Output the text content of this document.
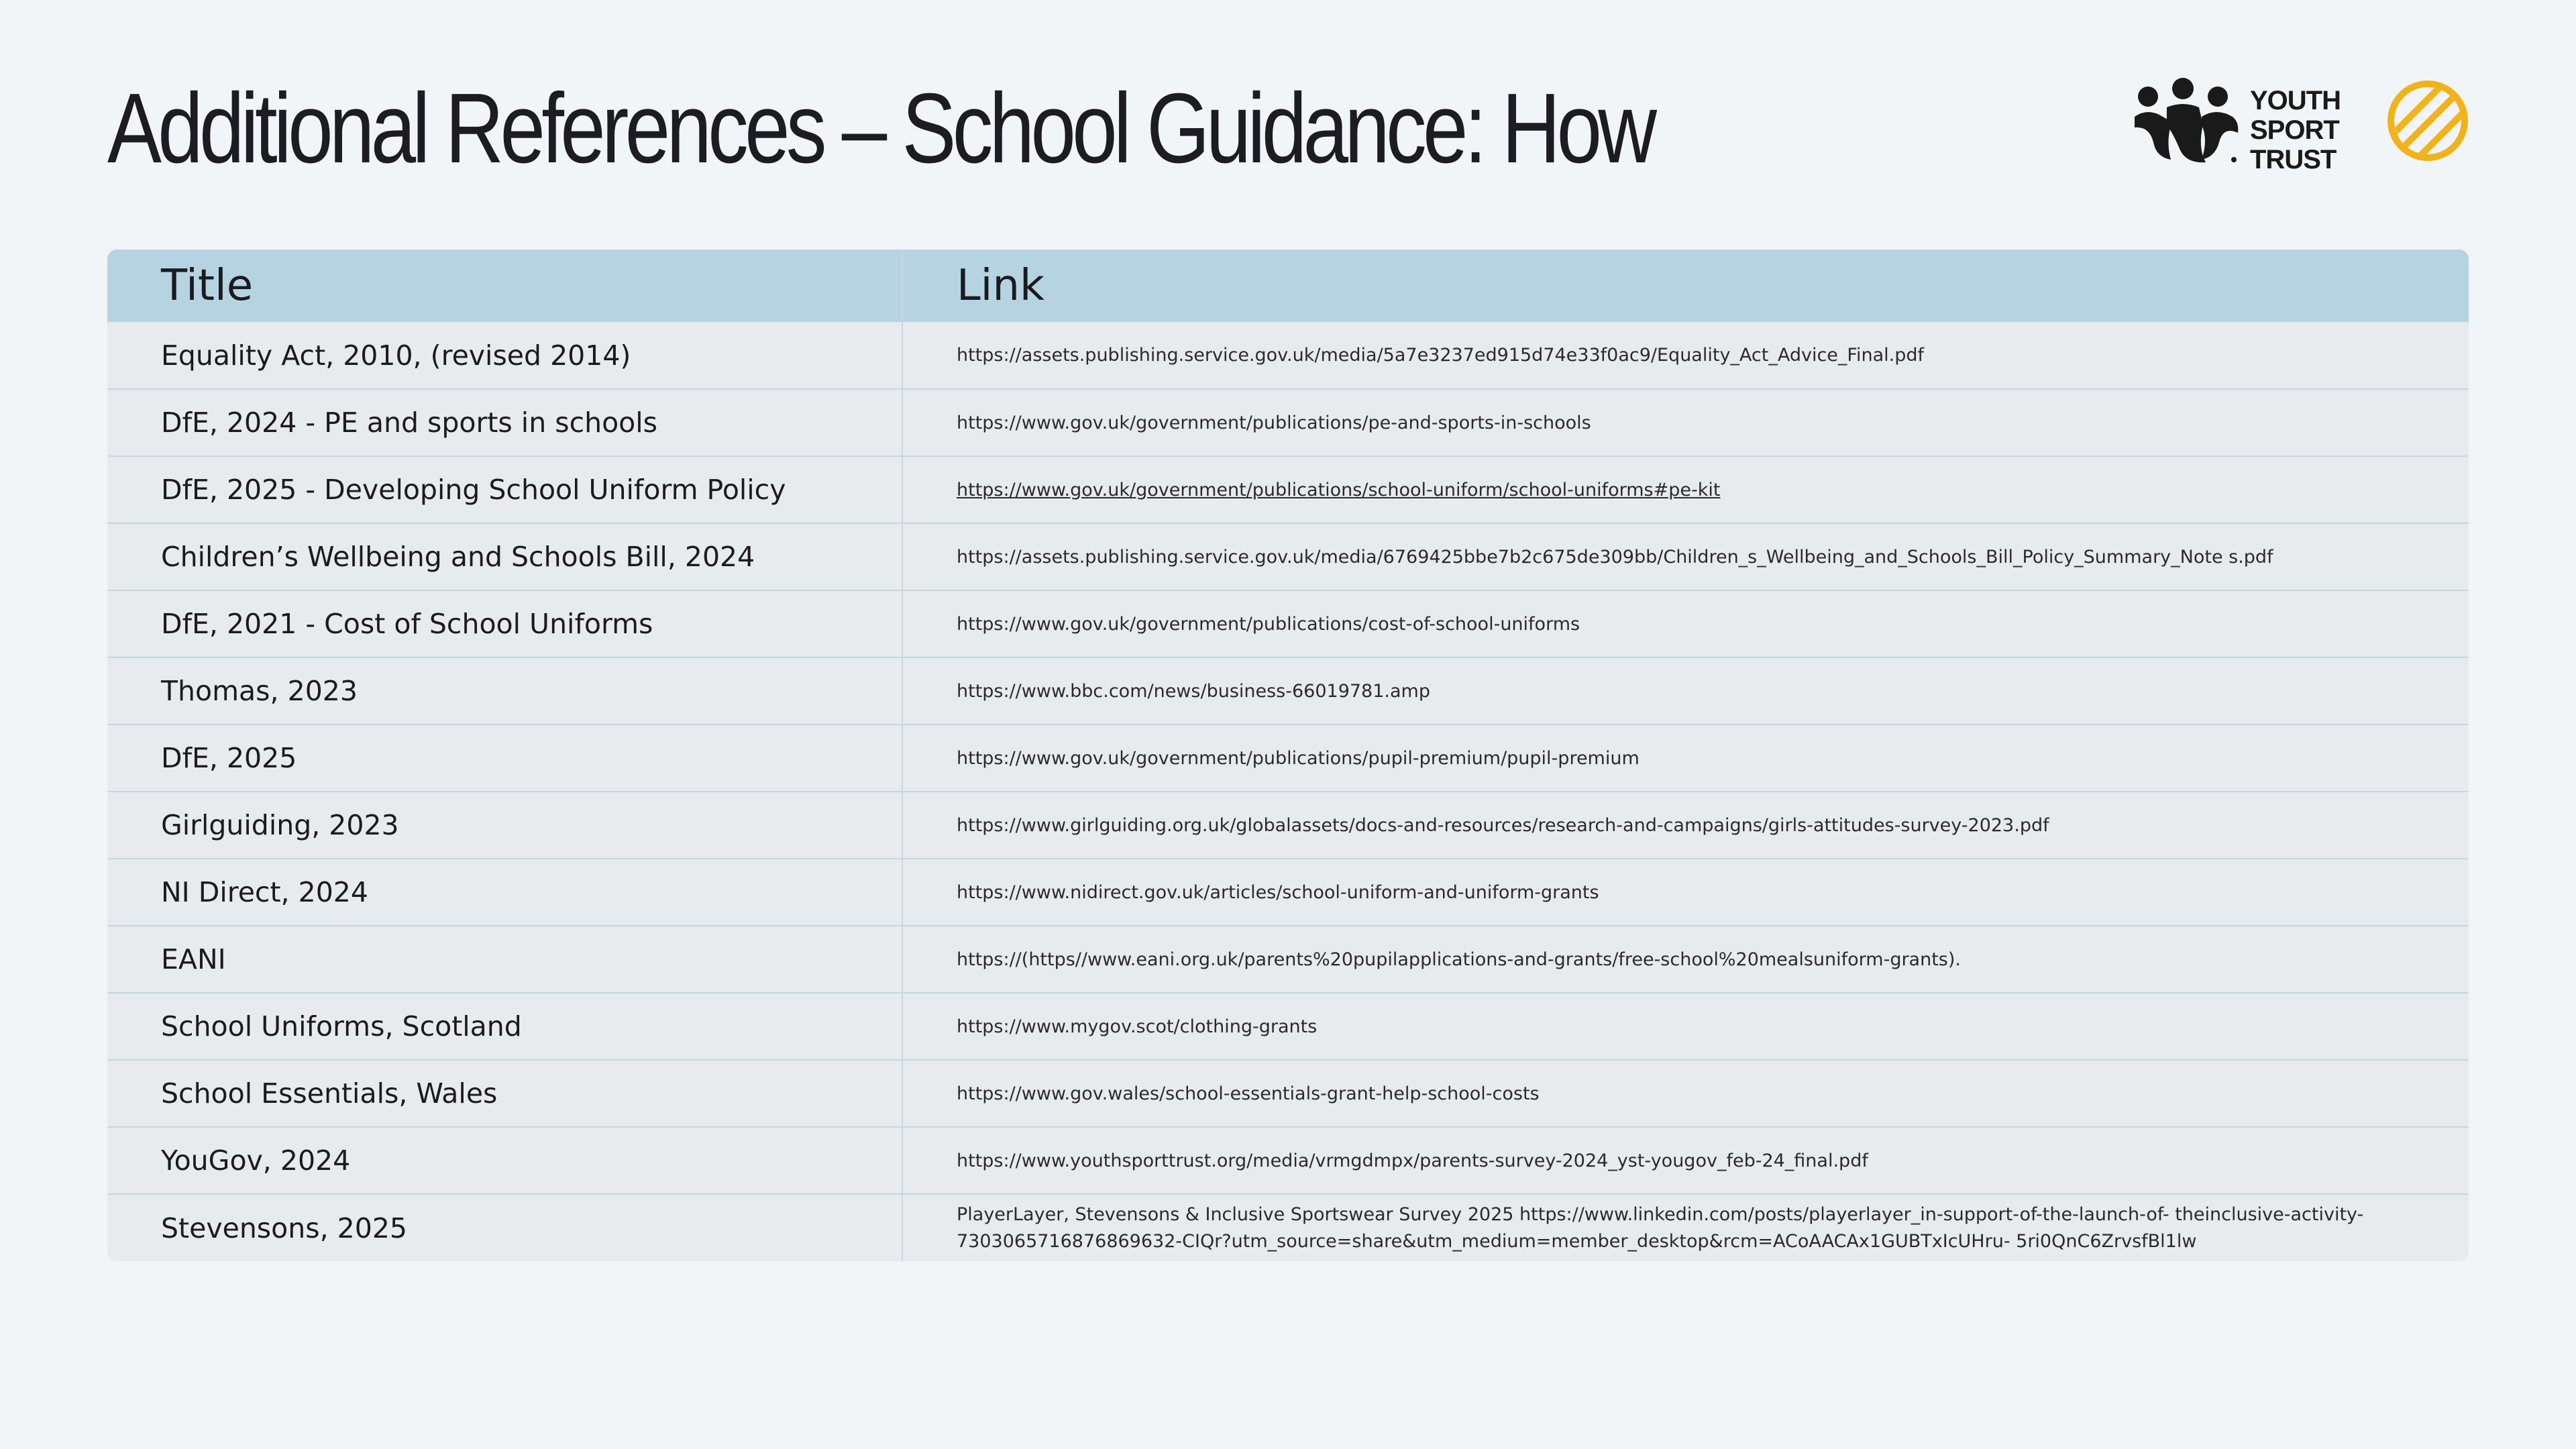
Additional References – School Guidance: How	YOUTH
SPORT
TRUST
Title	Link
Equality Act, 2010, (revised 2014)	https://assets.publishing.service.gov.uk/media/5a7e3237ed915d74e33f0ac9/Equality_Act_Advice_Final.pdf
DfE, 2024 - PE and sports in schools	https://www.gov.uk/government/publications/pe-and-sports-in-schools
DfE, 2025 - Developing School Uniform Policy	https://www.gov.uk/government/publications/school-uniform/school-uniforms#pe-kit
Children’s Wellbeing and Schools Bill, 2024	https://assets.publishing.service.gov.uk/media/6769425bbe7b2c675de309bb/Children_s_Wellbeing_and_Schools_Bill_Policy_Summary_Note s.pdf
DfE, 2021 - Cost of School Uniforms	https://www.gov.uk/government/publications/cost-of-school-uniforms
Thomas, 2023	https://www.bbc.com/news/business-66019781.amp
DfE, 2025	https://www.gov.uk/government/publications/pupil-premium/pupil-premium
Girlguiding, 2023	https://www.girlguiding.org.uk/globalassets/docs-and-resources/research-and-campaigns/girls-attitudes-survey-2023.pdf
NI Direct, 2024	https://www.nidirect.gov.uk/articles/school-uniform-and-uniform-grants
EANI	https://(https//www.eani.org.uk/parents%20pupilapplications-and-grants/free-school%20mealsuniform-grants).
School Uniforms, Scotland	https://www.mygov.scot/clothing-grants
School Essentials, Wales	https://www.gov.wales/school-essentials-grant-help-school-costs
YouGov, 2024	https://www.youthsporttrust.org/media/vrmgdmpx/parents-survey-2024_yst-yougov_feb-24_final.pdf
Stevensons, 2025	PlayerLayer, Stevensons & Inclusive Sportswear Survey 2025 https://www.linkedin.com/posts/playerlayer_in-support-of-the-launch-of- theinclusive-activity-7303065716876869632-CIQr?utm_source=share&utm_medium=member_desktop&rcm=ACoAACAx1GUBTxIcUHru- 5ri0QnC6ZrvsfBl1lw
